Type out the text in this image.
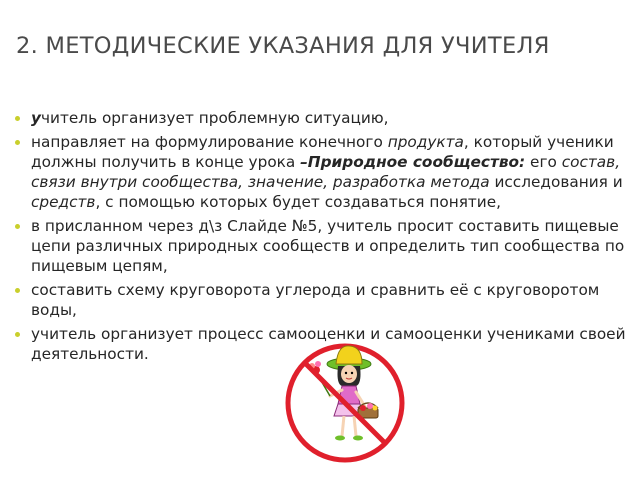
2. МЕТОДИЧЕСКИЕ УКАЗАНИЯ ДЛЯ УЧИТЕЛЯ
учитель организует проблемную ситуацию,
направляет на формулирование конечного продукта, который ученики должны получить в конце урока –Природное сообщество: его состав, связи внутри сообщества, значение, разработка метода исследования и средств, с помощью которых будет создаваться понятие,
в присланном через д\з Слайде №5, учитель просит составить пищевые цепи различных природных сообществ и определить тип сообщества по пищевым цепям,
составить схему круговорота углерода и сравнить её с круговоротом воды,
учитель организует процесс самооценки и самооценки учениками своей деятельности.
